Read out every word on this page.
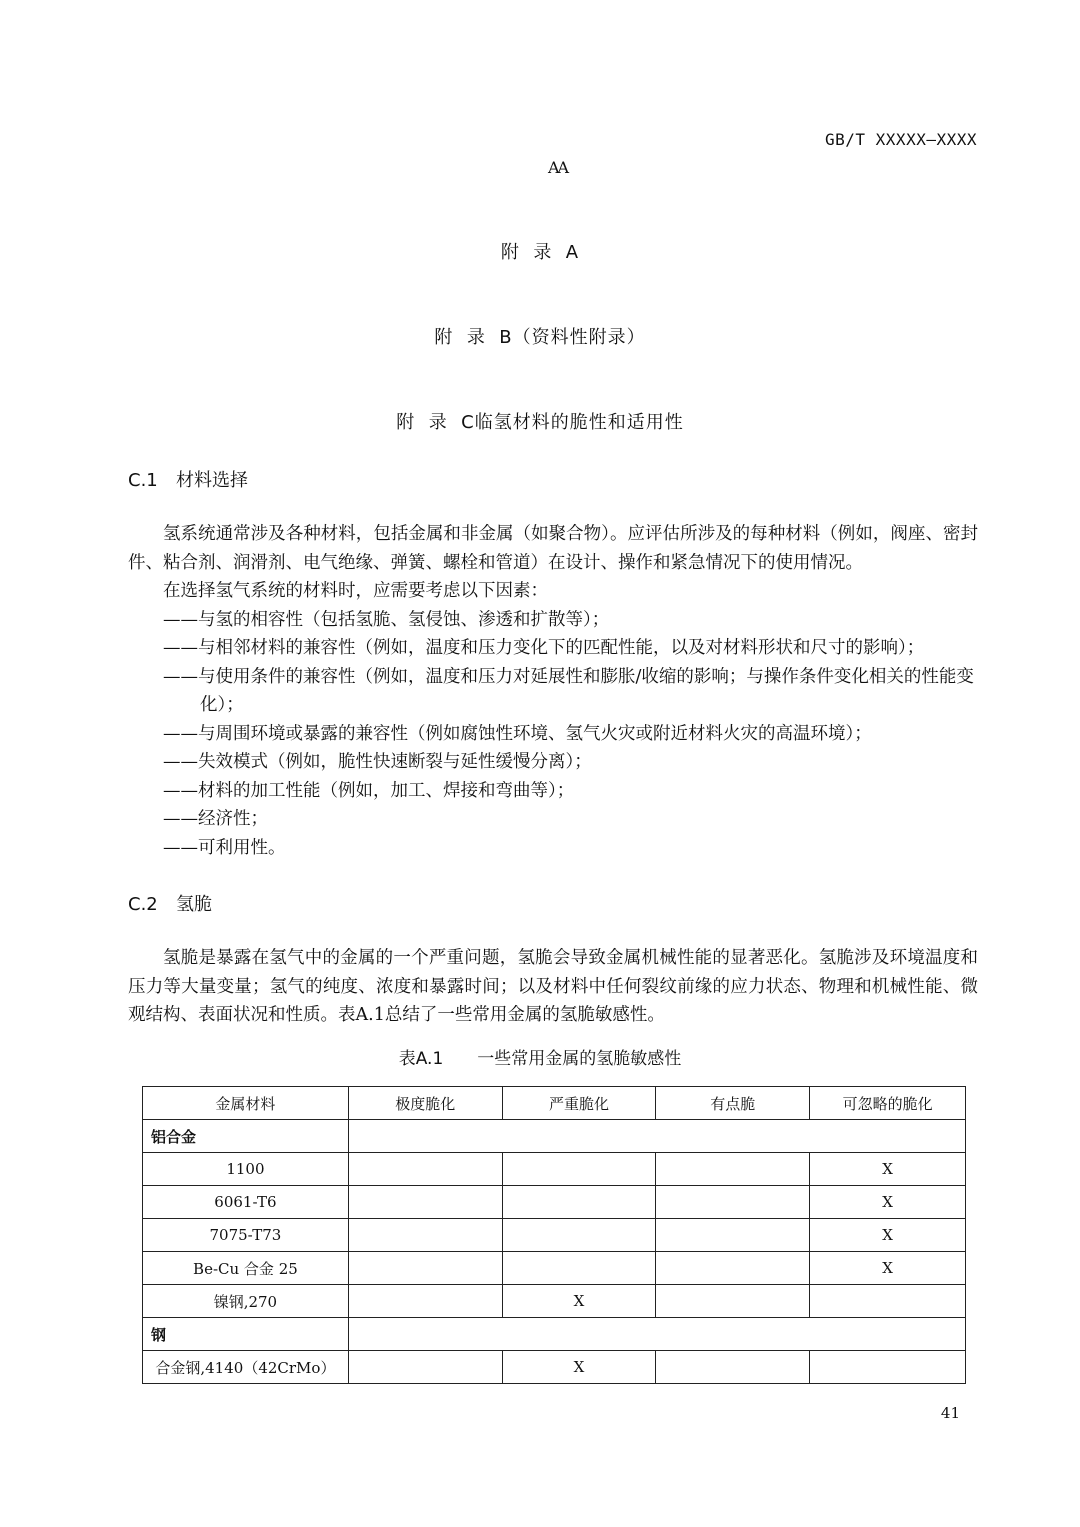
GB/T XXXXX—XXXX
AA
附  录  A
附  录  B（资料性附录）
附  录  C临氢材料的脆性和适用性
C.1 材料选择
氢系统通常涉及各种材料，包括金属和非金属（如聚合物）。应评估所涉及的每种材料（例如，阀座、密封件、粘合剂、润滑剂、电气绝缘、弹簧、螺栓和管道）在设计、操作和紧急情况下的使用情况。
在选择氢气系统的材料时，应需要考虑以下因素：
——与氢的相容性（包括氢脆、氢侵蚀、渗透和扩散等）；
——与相邻材料的兼容性（例如，温度和压力变化下的匹配性能，以及对材料形状和尺寸的影响）；
——与使用条件的兼容性（例如，温度和压力对延展性和膨胀/收缩的影响；与操作条件变化相关的性能变化）；
——与周围环境或暴露的兼容性（例如腐蚀性环境、氢气火灾或附近材料火灾的高温环境）；
——失效模式（例如，脆性快速断裂与延性缓慢分离）；
——材料的加工性能（例如，加工、焊接和弯曲等）；
——经济性；
——可利用性。
C.2 氢脆
氢脆是暴露在氢气中的金属的一个严重问题，氢脆会导致金属机械性能的显著恶化。氢脆涉及环境温度和压力等大量变量；氢气的纯度、浓度和暴露时间；以及材料中任何裂纹前缘的应力状态、物理和机械性能、微观结构、表面状况和性质。表A.1总结了一些常用金属的氢脆敏感性。
表A.1　　一些常用金属的氢脆敏感性
金属材料	极度脆化	严重脆化	有点脆	可忽略的脆化
铝合金				
1100				X
6061-T6				X
7075-T73				X
Be-Cu 合金 25				X
镍钢,270		X		
钢				
合金钢,4140（42CrMo）		X		
41
